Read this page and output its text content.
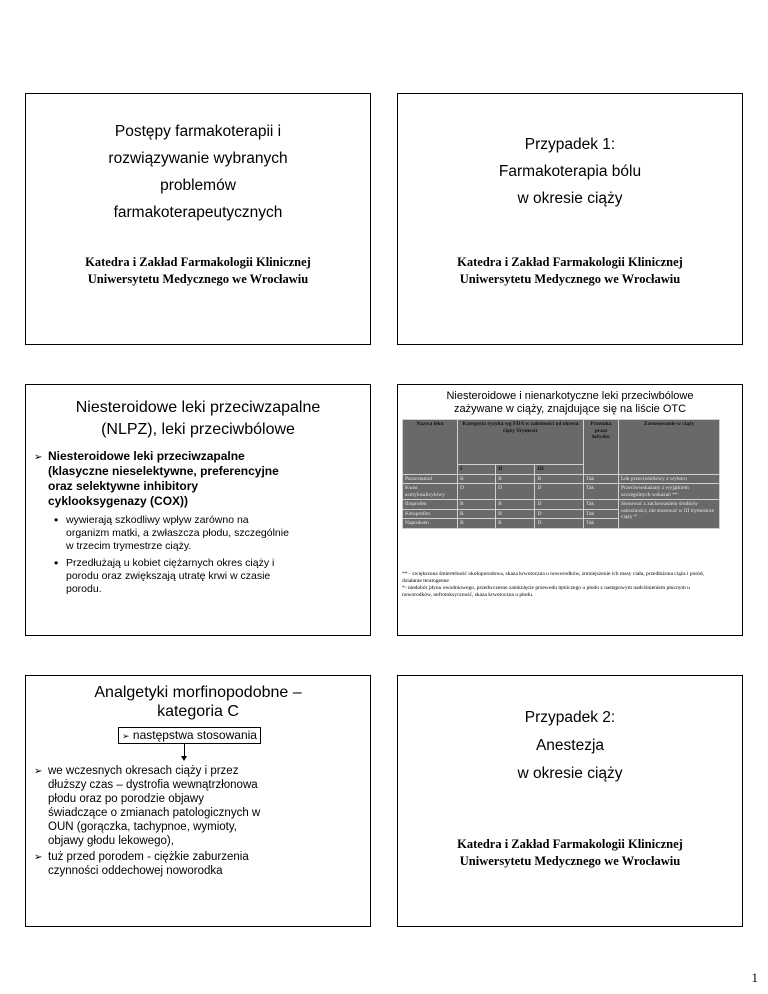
Postępy farmakoterapii i
rozwiązywanie wybranych
problemów
farmakoterapeutycznych
Katedra i Zakład Farmakologii Klinicznej
Uniwersytetu Medycznego we Wrocławiu
Przypadek 1:
Farmakoterapia bólu
w okresie ciąży
Katedra i Zakład Farmakologii Klinicznej
Uniwersytetu Medycznego we Wrocławiu
Niesteroidowe leki przeciwzapalne
(NLPZ), leki przeciwbólowe
➢ Niesteroidowe leki przeciwzapalne
(klasyczne nieselektywne, preferencyjne
oraz selektywne inhibitory
cyklooksygenazy (COX))
• wywierają szkodliwy wpływ zarówno na
organizm matki, a zwłaszcza płodu, szczególnie
w trzecim trymestrze ciąży.
• Przedłużają u kobiet ciężarnych okres ciąży i
porodu oraz zwiększają utratę krwi w czasie
porodu.
Niesteroidowe i nienarkotyczne leki przeciwbólowe
zażywane w ciąży, znajdujące się na liście OTC
Nazwa leku	Kategoria ryzyka wg FDA w zależności od okresu ciąży Trymestr			Przenika przez łożysko	Zastosowanie w ciąży
	I	II	III		
Paracetamol	B	B	B	Tak	Lek przeciwbólowy z wyboru
Kwas acetylosalicylowy	D	D	D	Tak	Przeciwwskazany z wyjątkiem szczególnych wskazań **
Ibuprofen	B	B	D	Tak	Stosować z zachowaniem środków ostrożności; nie stosować w III trymestrze ciąży *
Ketoprofen	B	B	D	Tak	
Naproksen	B	B	D	Tak	
** - zwiększona śmiertelność okołoporodowa, skaza krwotoczna u noworodków, zmniejszenie ich masy ciała, przedłużona ciąża i poród, działanie teratogenne
*- niedobór płynu owodniowego, przedwczesne zamknięcie przewodu tętniczego u płodu z następowym nadciśnieniem płucnym u noworodków, nefrotoksyczność, skaza krwotoczna u płodu.
Analgetyki morfinopodobne –
kategoria C
➢ następstwa stosowania
➢ we wczesnych okresach ciąży i przez
dłuższy czas – dystrofia wewnątrzłonowa
płodu oraz po porodzie objawy
świadczące o zmianach patologicznych w
OUN (gorączka, tachypnoe, wymioty,
objawy głodu lekowego),
➢ tuż przed porodem - ciężkie zaburzenia
czynności oddechowej noworodka
Przypadek 2:
Anestezja
w okresie ciąży
Katedra i Zakład Farmakologii Klinicznej
Uniwersytetu Medycznego we Wrocławiu
1
